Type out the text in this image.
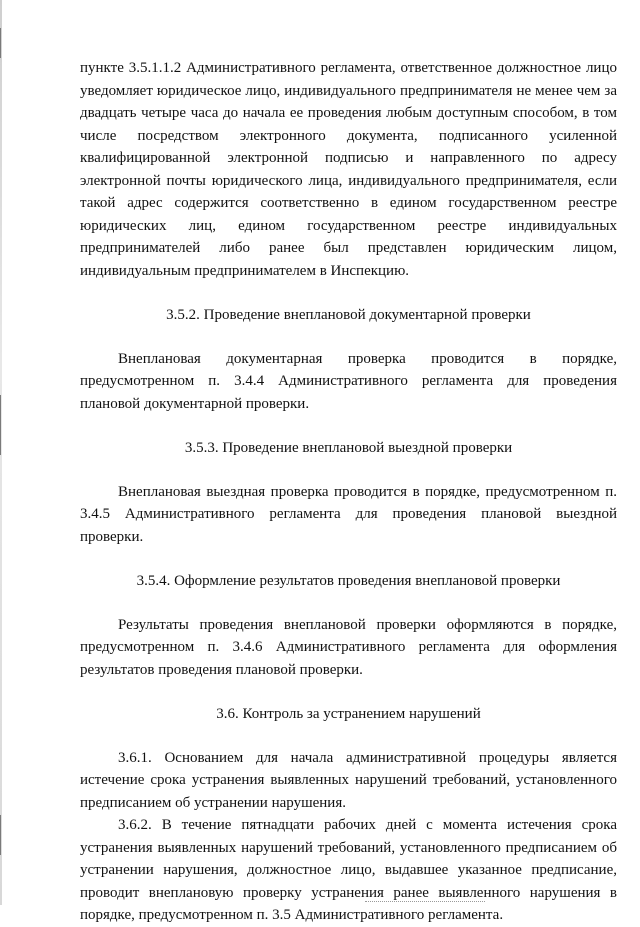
пункте 3.5.1.1.2 Административного регламента, ответственное должностное лицо уведомляет юридическое лицо, индивидуального предпринимателя не менее чем за двадцать четыре часа до начала ее проведения любым доступным способом, в том числе посредством электронного документа, подписанного усиленной квалифицированной электронной подписью и направленного по адресу электронной почты юридического лица, индивидуального предпринимателя, если такой адрес содержится соответственно в едином государственном реестре юридических лиц, едином государственном реестре индивидуальных предпринимателей либо ранее был представлен юридическим лицом, индивидуальным предпринимателем в Инспекцию.

3.5.2. Проведение внеплановой документарной проверки

Внеплановая документарная проверка проводится в порядке, предусмотренном п. 3.4.4 Административного регламента для проведения плановой документарной проверки.

3.5.3. Проведение внеплановой выездной проверки

Внеплановая выездная проверка проводится в порядке, предусмотренном п. 3.4.5 Административного регламента для проведения плановой выездной проверки.

3.5.4. Оформление результатов проведения внеплановой проверки

Результаты проведения внеплановой проверки оформляются в порядке, предусмотренном п. 3.4.6 Административного регламента для оформления результатов проведения плановой проверки.

3.6. Контроль за устранением нарушений

3.6.1. Основанием для начала административной процедуры является истечение срока устранения выявленных нарушений требований, установленного предписанием об устранении нарушения.

3.6.2. В течение пятнадцати рабочих дней с момента истечения срока устранения выявленных нарушений требований, установленного предписанием об устранении нарушения, должностное лицо, выдавшее указанное предписание, проводит внеплановую проверку устранения ранее выявленного нарушения в порядке, предусмотренном п. 3.5 Административного регламента.
